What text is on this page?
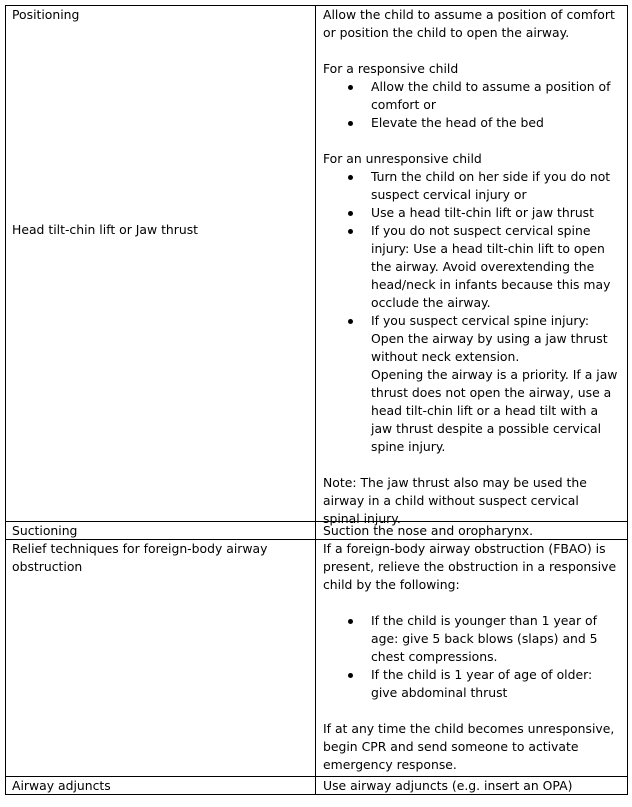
Positioning

Head tilt-chin lift or Jaw thrust

Allow the child to assume a position of comfort or position the child to open the airway.

For a responsive child

Allow the child to assume a position of comfort or
Elevate the head of the bed

For an unresponsive child

Turn the child on her side if you do not suspect cervical injury or
Use a head tilt-chin lift or jaw thrust
If you do not suspect cervical spine injury: Use a head tilt-chin lift to open the airway. Avoid overextending the head/neck in infants because this may occlude the airway.
If you suspect cervical spine injury: Open the airway by using a jaw thrust without neck extension.

Opening the airway is a priority. If a jaw thrust does not open the airway, use a head tilt-chin lift or a head tilt with a jaw thrust despite a possible cervical spine injury.

Note: The jaw thrust also may be used the airway in a child without suspect cervical spinal injury.

Suctioning	Suction the nose and oropharynx.

Relief techniques for foreign-body airway obstruction

If a foreign-body airway obstruction (FBAO) is present, relieve the obstruction in a responsive child by the following:

If the child is younger than 1 year of age: give 5 back blows (slaps) and 5 chest compressions.
If the child is 1 year of age of older: give abdominal thrust

If at any time the child becomes unresponsive, begin CPR and send someone to activate emergency response.

Airway adjuncts	Use airway adjuncts (e.g. insert an OPA)
